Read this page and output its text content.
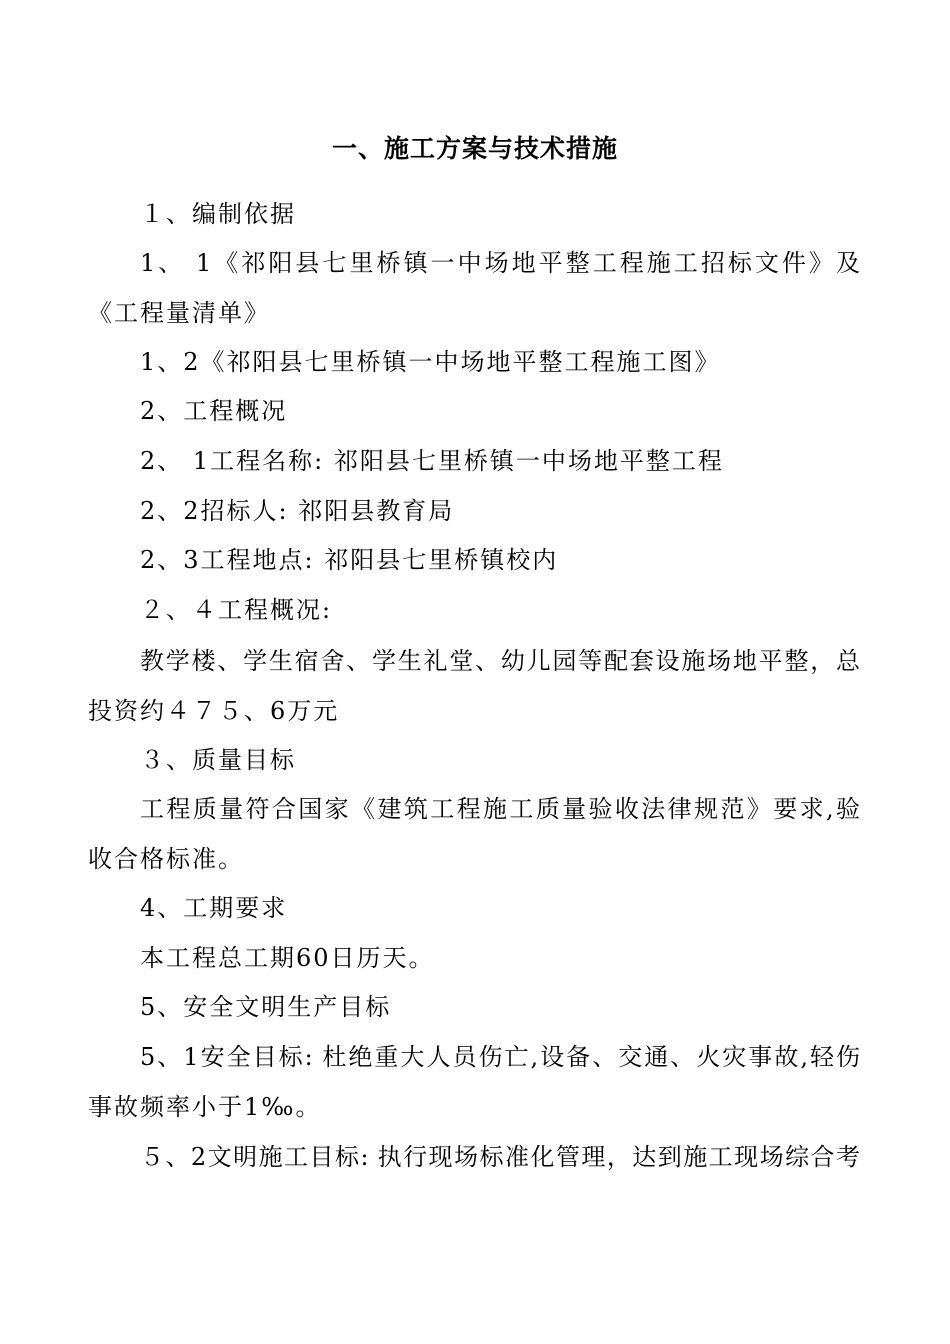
一、施工方案与技术措施
１、编制依据
1、 1《祁阳县七里桥镇一中场地平整工程施工招标文件》及
《工程量清单》
1、2《祁阳县七里桥镇一中场地平整工程施工图》
2、工程概况
2、 1工程名称: 祁阳县七里桥镇一中场地平整工程
2、2招标人: 祁阳县教育局
2、3工程地点: 祁阳县七里桥镇校内
２、４工程概况:
教学楼、学生宿舍、学生礼堂、幼儿园等配套设施场地平整，总
投资约４７５、6万元
３、质量目标
工程质量符合国家《建筑工程施工质量验收法律规范》要求,验
收合格标准。
4、工期要求
本工程总工期60日历天。
5、安全文明生产目标
5、1安全目标: 杜绝重大人员伤亡,设备、交通、火灾事故,轻伤
事故频率小于1‰。
５、2文明施工目标: 执行现场标准化管理，达到施工现场综合考
